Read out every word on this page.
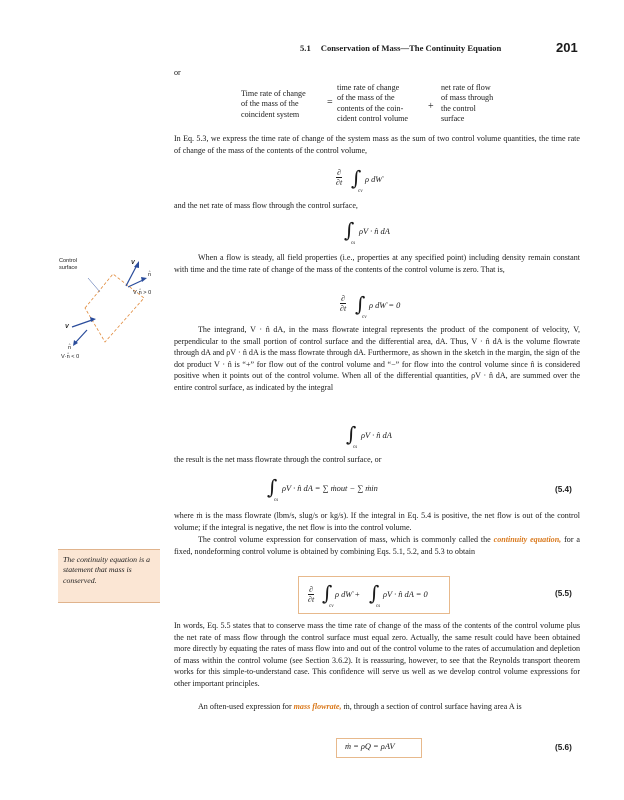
5.1 Conservation of Mass—The Continuity Equation	201
or
Time rate of change
of the mass of the
coincident system
=
time rate of change
of the mass of the
contents of the coin-
cident control volume
+
net rate of flow
of mass through
the control
surface

In Eq. 5.3, we express the time rate of change of the system mass as the sum of two control volume quantities, the time rate of change of the mass of the contents of the control volume,

∂
∂t ∫
cv
ρ dⱲ

and the net rate of mass flow through the control surface,

∫
cs
ρV · n̂ dA

When a flow is steady, all field properties (i.e., properties at any specified point) including density remain constant with time and the time rate of change of the mass of the contents of the control volume is zero. That is,

∂
∂t ∫
cv
ρ dⱲ = 0

The integrand, V · n̂ dA, in the mass flowrate integral represents the product of the component of velocity, V, perpendicular to the small portion of control surface and the differential area, dA. Thus, V · n̂ dA is the volume flowrate through dA and ρV · n̂ dA is the mass flowrate through dA. Furthermore, as shown in the sketch in the margin, the sign of the dot product V · n̂ is “+” for flow out of the control volume and “−” for flow into the control volume since n̂ is considered positive when it points out of the control volume. When all of the differential quantities, ρV · n̂ dA, are summed over the entire control surface, as indicated by the integral

∫
cs
ρV · n̂ dA

the result is the net mass flowrate through the control surface, or

∫
cs
ρV · n̂ dA = ∑ ṁout − ∑ ṁin	(5.4)

where ṁ is the mass flowrate (lbm/s, slug/s or kg/s). If the integral in Eq. 5.4 is positive, the net flow is out of the control volume; if the integral is negative, the net flow is into the control volume.

The control volume expression for conservation of mass, which is commonly called the continuity equation, for a fixed, nondeforming control volume is obtained by combining Eqs. 5.1, 5.2, and 5.3 to obtain

The continuity equation is a statement that mass is conserved.
∂
∂t ∫
cv
ρ dⱲ + ∫
cs
ρV · n̂ dA = 0	(5.5)

In words, Eq. 5.5 states that to conserve mass the time rate of change of the mass of the contents of the control volume plus the net rate of mass flow through the control surface must equal zero. Actually, the same result could have been obtained more directly by equating the rates of mass flow into and out of the control volume to the rates of accumulation and depletion of mass within the control volume (see Section 3.6.2). It is reassuring, however, to see that the Reynolds transport theorem works for this simple-to-understand case. This confidence will serve us well as we develop control volume expressions for other important principles.

An often-used expression for mass flowrate, ṁ, through a section of control surface having area A is

ṁ = ρQ = ρAV	(5.6)
Control
surface
V
n̂
V·n̂ > 0
V
n̂
V·n̂ < 0
